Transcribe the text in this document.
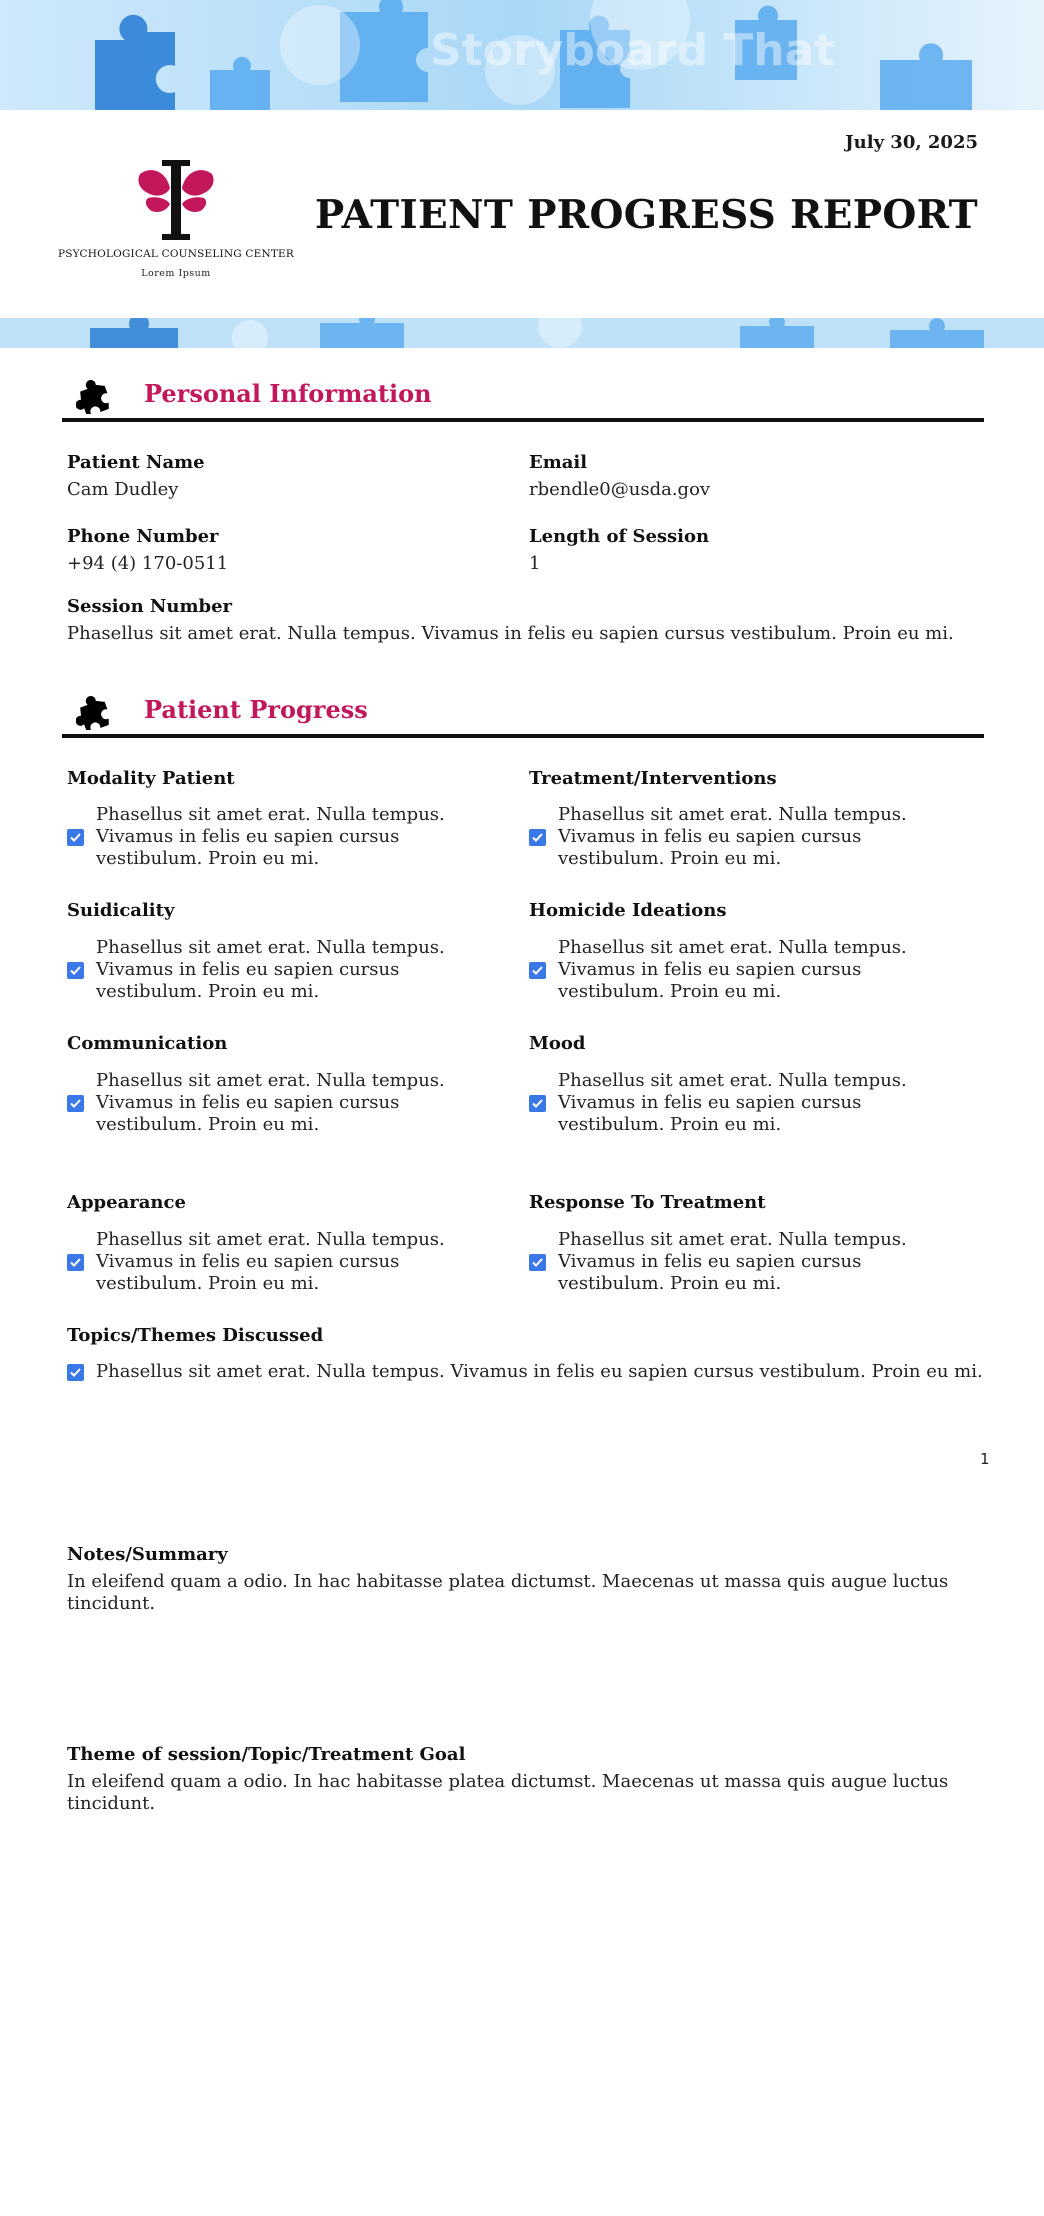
Storyboard That
PSYCHOLOGICAL COUNSELING CENTER
Lorem Ipsum
July 30, 2025
PATIENT PROGRESS REPORT
Personal Information
Patient Name
Cam Dudley
Email
rbendle0@usda.gov
Phone Number
+94 (4) 170-0511
Length of Session
1
Session Number
Phasellus sit amet erat. Nulla tempus. Vivamus in felis eu sapien cursus vestibulum. Proin eu mi.
Patient Progress
Modality Patient
Phasellus sit amet erat. Nulla tempus. Vivamus in felis eu sapien cursus vestibulum. Proin eu mi.
Treatment/Interventions
Phasellus sit amet erat. Nulla tempus. Vivamus in felis eu sapien cursus vestibulum. Proin eu mi.
Suidicality
Phasellus sit amet erat. Nulla tempus. Vivamus in felis eu sapien cursus vestibulum. Proin eu mi.
Homicide Ideations
Phasellus sit amet erat. Nulla tempus. Vivamus in felis eu sapien cursus vestibulum. Proin eu mi.
Communication
Phasellus sit amet erat. Nulla tempus. Vivamus in felis eu sapien cursus vestibulum. Proin eu mi.
Mood
Phasellus sit amet erat. Nulla tempus. Vivamus in felis eu sapien cursus vestibulum. Proin eu mi.
Appearance
Phasellus sit amet erat. Nulla tempus. Vivamus in felis eu sapien cursus vestibulum. Proin eu mi.
Response To Treatment
Phasellus sit amet erat. Nulla tempus. Vivamus in felis eu sapien cursus vestibulum. Proin eu mi.
Topics/Themes Discussed
Phasellus sit amet erat. Nulla tempus. Vivamus in felis eu sapien cursus vestibulum. Proin eu mi.
1
Notes/Summary
In eleifend quam a odio. In hac habitasse platea dictumst. Maecenas ut massa quis augue luctus tincidunt.
Theme of session/Topic/Treatment Goal
In eleifend quam a odio. In hac habitasse platea dictumst. Maecenas ut massa quis augue luctus tincidunt.
